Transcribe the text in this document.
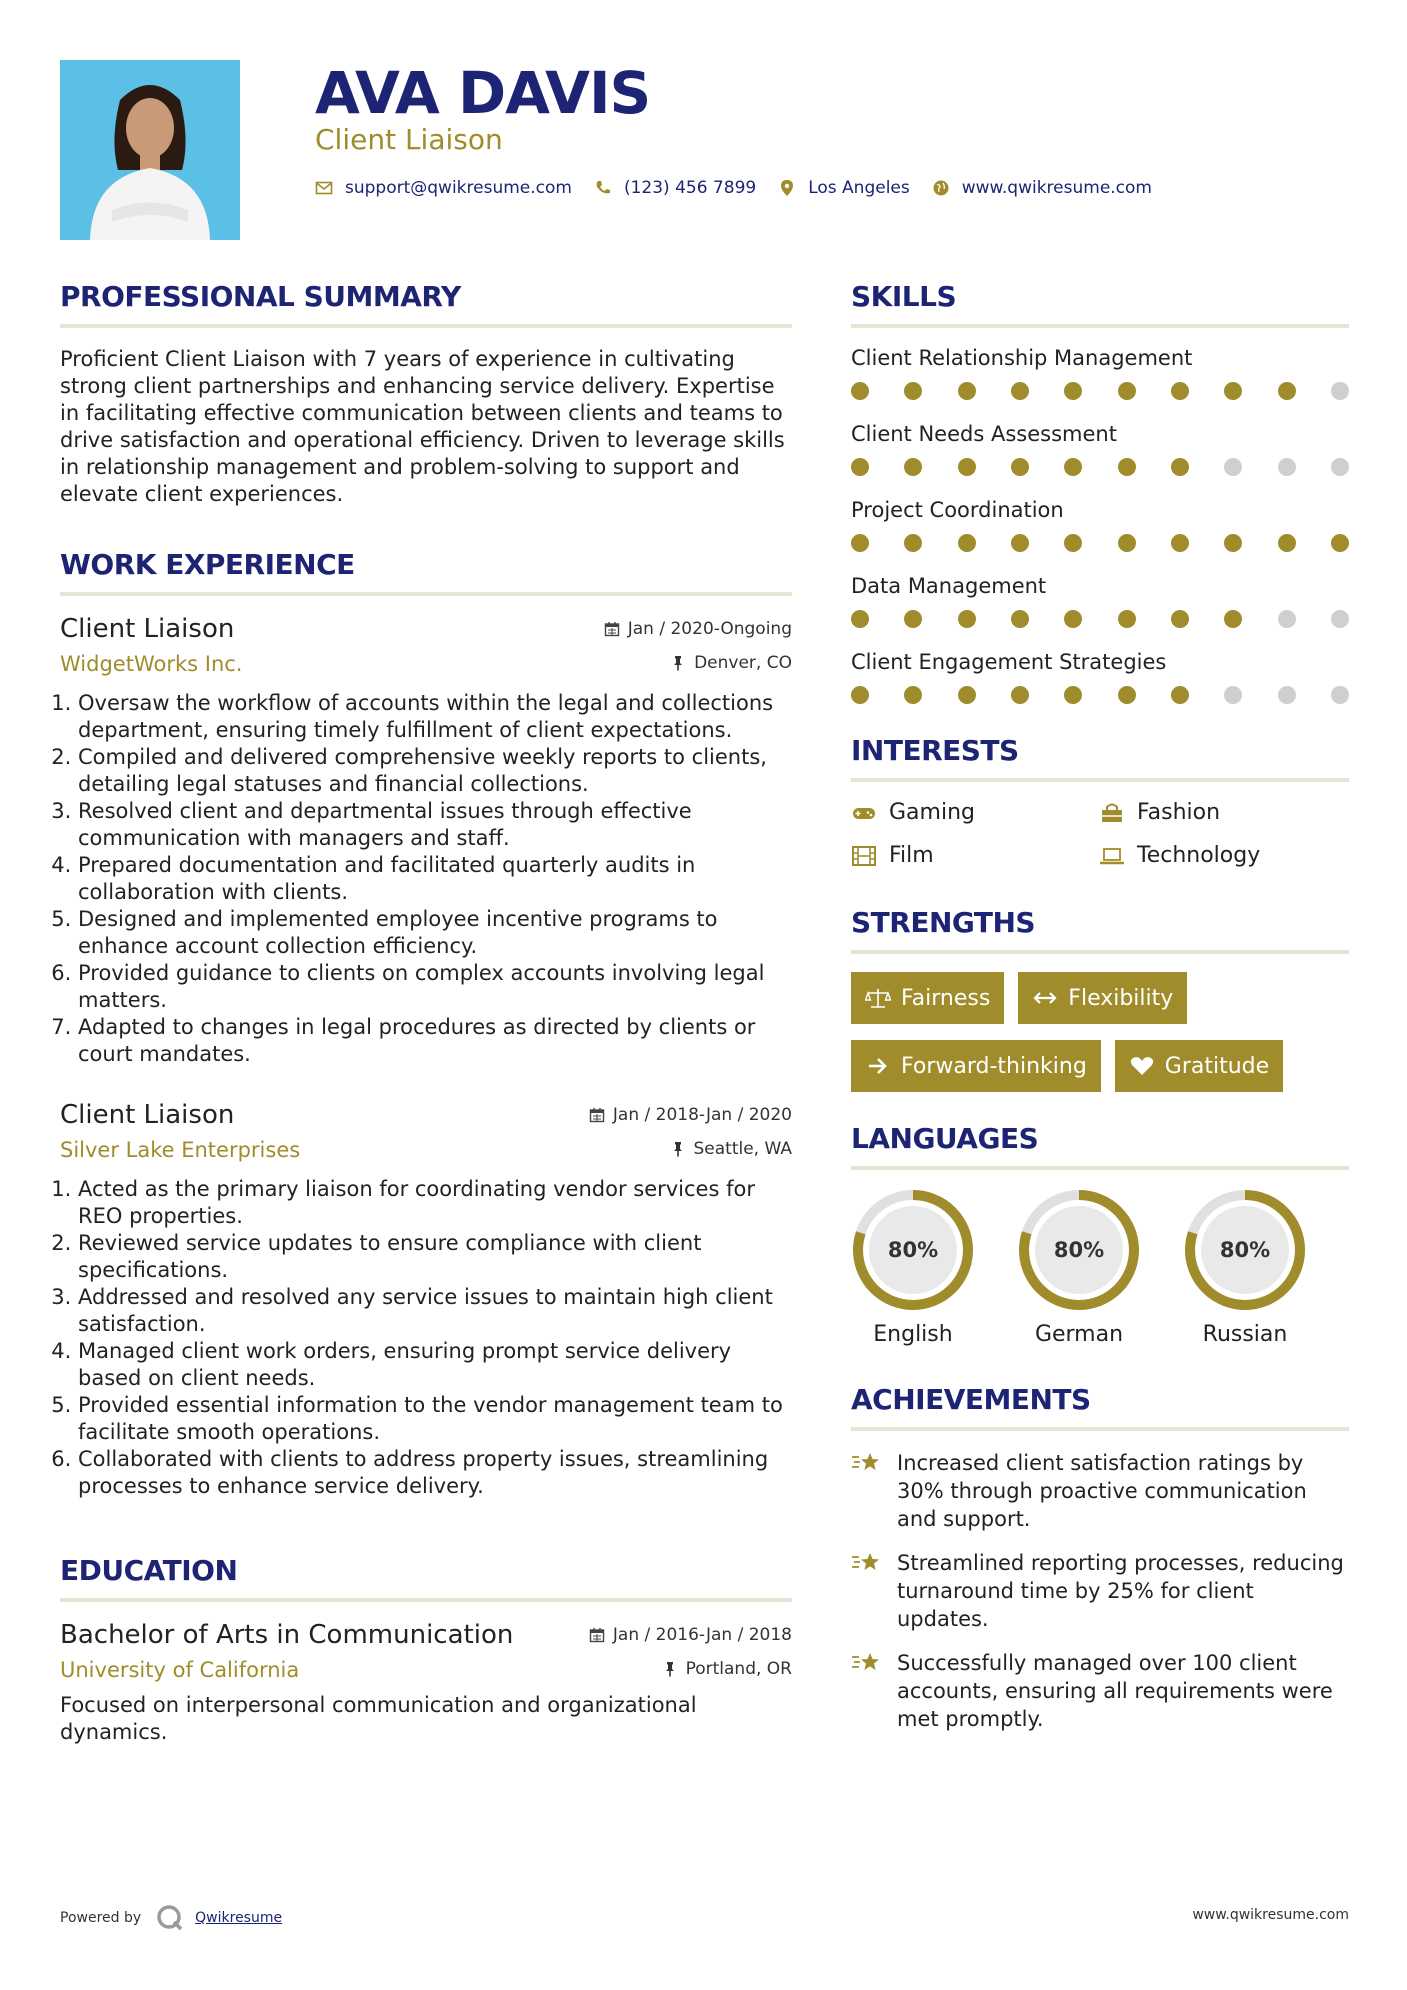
AVA DAVIS
Client Liaison
support@qwikresume.com	(123) 456 7899	Los Angeles	www.qwikresume.com
PROFESSIONAL SUMMARY

Proficient Client Liaison with 7 years of experience in cultivating strong client partnerships and enhancing service delivery. Expertise in facilitating effective communication between clients and teams to drive satisfaction and operational efficiency. Driven to leverage skills in relationship management and problem-solving to support and elevate client experiences.

WORK EXPERIENCE
Client Liaison	Jan / 2020-Ongoing
WidgetWorks Inc.	Denver, CO
1. Oversaw the workflow of accounts within the legal and collections department, ensuring timely fulfillment of client expectations.
2. Compiled and delivered comprehensive weekly reports to clients, detailing legal statuses and financial collections.
3. Resolved client and departmental issues through effective communication with managers and staff.
4. Prepared documentation and facilitated quarterly audits in collaboration with clients.
5. Designed and implemented employee incentive programs to enhance account collection efficiency.
6. Provided guidance to clients on complex accounts involving legal matters.
7. Adapted to changes in legal procedures as directed by clients or court mandates.
Client Liaison	Jan / 2018-Jan / 2020
Silver Lake Enterprises	Seattle, WA
1. Acted as the primary liaison for coordinating vendor services for REO properties.
2. Reviewed service updates to ensure compliance with client specifications.
3. Addressed and resolved any service issues to maintain high client satisfaction.
4. Managed client work orders, ensuring prompt service delivery based on client needs.
5. Provided essential information to the vendor management team to facilitate smooth operations.
6. Collaborated with clients to address property issues, streamlining processes to enhance service delivery.
EDUCATION
Bachelor of Arts in Communication	Jan / 2016-Jan / 2018
University of California	Portland, OR

Focused on interpersonal communication and organizational dynamics.

SKILLS
Client Relationship Management
Client Needs Assessment
Project Coordination
Data Management
Client Engagement Strategies
INTERESTS
Gaming	Fashion
Film	Technology
STRENGTHS
Fairness	Flexibility
Forward-thinking	Gratitude
LANGUAGES
80%
English
80%
German
80%
Russian
ACHIEVEMENTS
Increased client satisfaction ratings by 30% through proactive communication and support.
Streamlined reporting processes, reducing turnaround time by 25% for client updates.
Successfully managed over 100 client accounts, ensuring all requirements were met promptly.
Powered by	Qwikresume	www.qwikresume.com
